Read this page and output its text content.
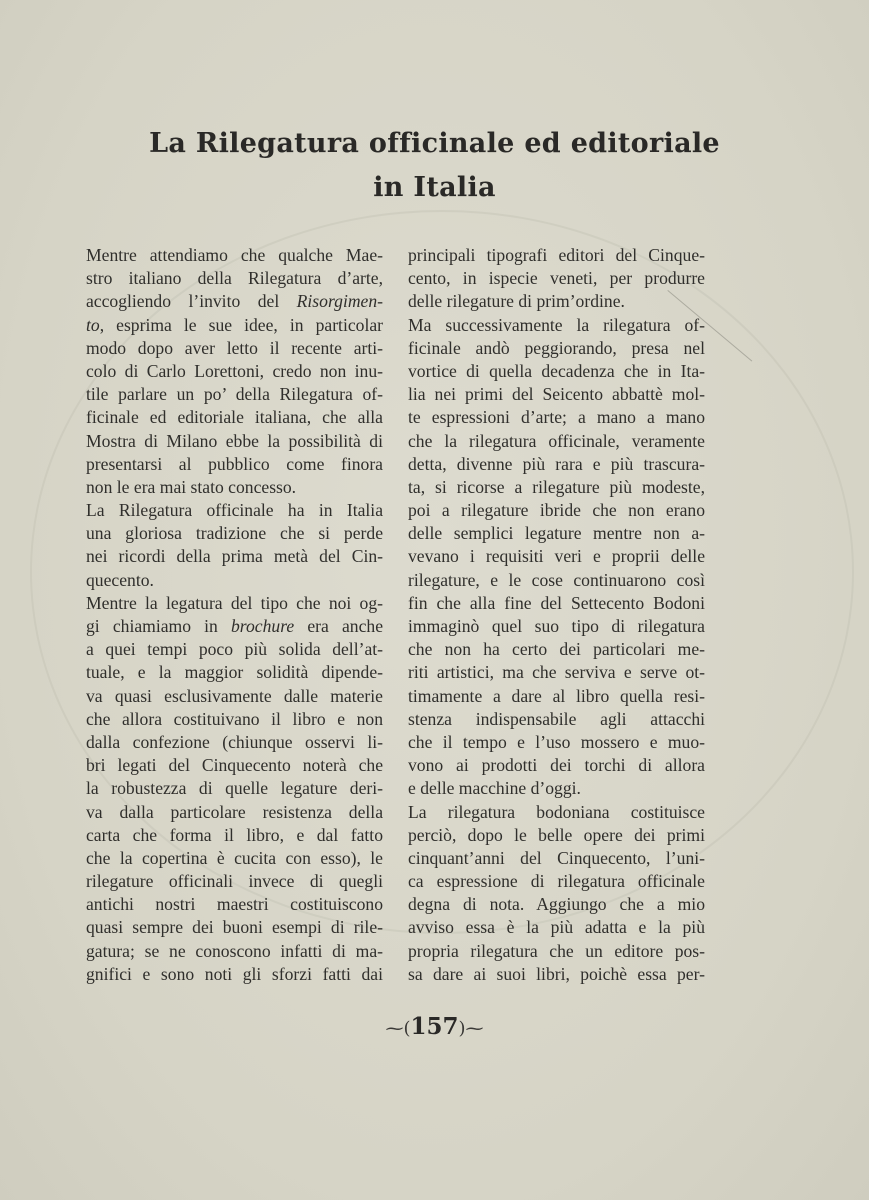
La Rilegatura officinale ed editoriale
in Italia
Mentre attendiamo che qualche Mae-
stro italiano della Rilegatura d’arte,
accogliendo l’invito del Risorgimen-
to, esprima le sue idee, in particolar
modo dopo aver letto il recente arti-
colo di Carlo Lorettoni, credo non inu-
tile parlare un po’ della Rilegatura of-
ficinale ed editoriale italiana, che alla
Mostra di Milano ebbe la possibilità di
presentarsi al pubblico come finora
non le era mai stato concesso.
La Rilegatura officinale ha in Italia
una gloriosa tradizione che si perde
nei ricordi della prima metà del Cin-
quecento.
Mentre la legatura del tipo che noi og-
gi chiamiamo in brochure era anche
a quei tempi poco più solida dell’at-
tuale, e la maggior solidità dipende-
va quasi esclusivamente dalle materie
che allora costituivano il libro e non
dalla confezione (chiunque osservi li-
bri legati del Cinquecento noterà che
la robustezza di quelle legature deri-
va dalla particolare resistenza della
carta che forma il libro, e dal fatto
che la copertina è cucita con esso), le
rilegature officinali invece di quegli
antichi nostri maestri costituiscono
quasi sempre dei buoni esempi di rile-
gatura; se ne conoscono infatti di ma-
gnifici e sono noti gli sforzi fatti dai
principali tipografi editori del Cinque-
cento, in ispecie veneti, per produrre
delle rilegature di prim’ordine.
Ma successivamente la rilegatura of-
ficinale andò peggiorando, presa nel
vortice di quella decadenza che in Ita-
lia nei primi del Seicento abbattè mol-
te espressioni d’arte; a mano a mano
che la rilegatura officinale, veramente
detta, divenne più rara e più trascura-
ta, si ricorse a rilegature più modeste,
poi a rilegature ibride che non erano
delle semplici legature mentre non a-
vevano i requisiti veri e proprii delle
rilegature, e le cose continuarono così
fin che alla fine del Settecento Bodoni
immaginò quel suo tipo di rilegatura
che non ha certo dei particolari me-
riti artistici, ma che serviva e serve ot-
timamente a dare al libro quella resi-
stenza indispensabile agli attacchi
che il tempo e l’uso mossero e muo-
vono ai prodotti dei torchi di allora
e delle macchine d’oggi.
La rilegatura bodoniana costituisce
perciò, dopo le belle opere dei primi
cinquant’anni del Cinquecento, l’uni-
ca espressione di rilegatura officinale
degna di nota. Aggiungo che a mio
avviso essa è la più adatta e la più
propria rilegatura che un editore pos-
sa dare ai suoi libri, poichè essa per-
⁓(157)⁓
